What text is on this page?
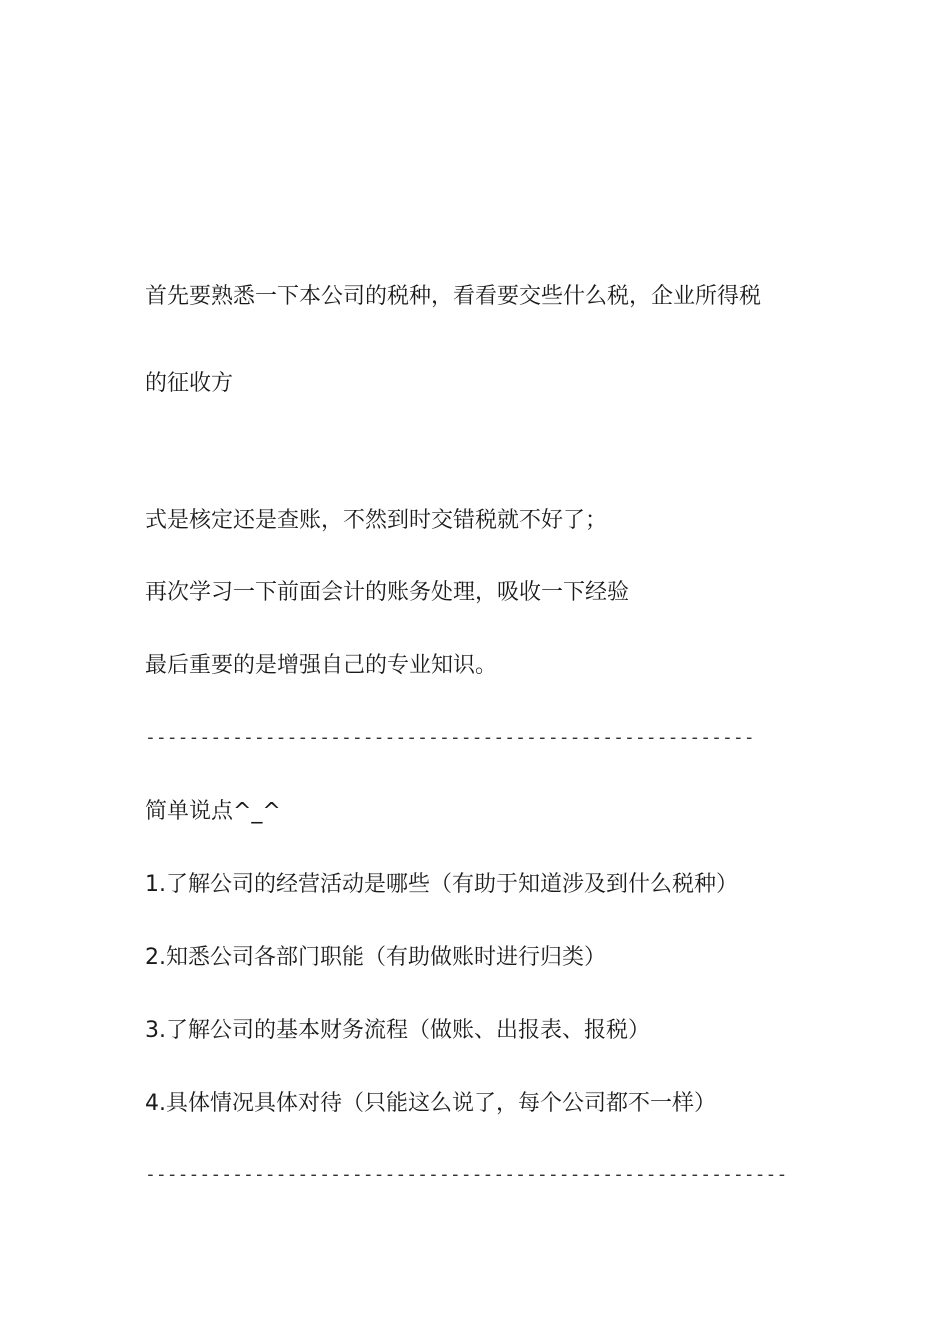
首先要熟悉一下本公司的税种，看看要交些什么税，企业所得税
的征收方
式是核定还是查账，不然到时交错税就不好了；
再次学习一下前面会计的账务处理，吸收一下经验
最后重要的是增强自己的专业知识。
--------------------------------------------------------
简单说点^_^
1.了解公司的经营活动是哪些（有助于知道涉及到什么税种）
2.知悉公司各部门职能（有助做账时进行归类）
3.了解公司的基本财务流程（做账、出报表、报税）
4.具体情况具体对待（只能这么说了，每个公司都不一样）
-----------------------------------------------------------
